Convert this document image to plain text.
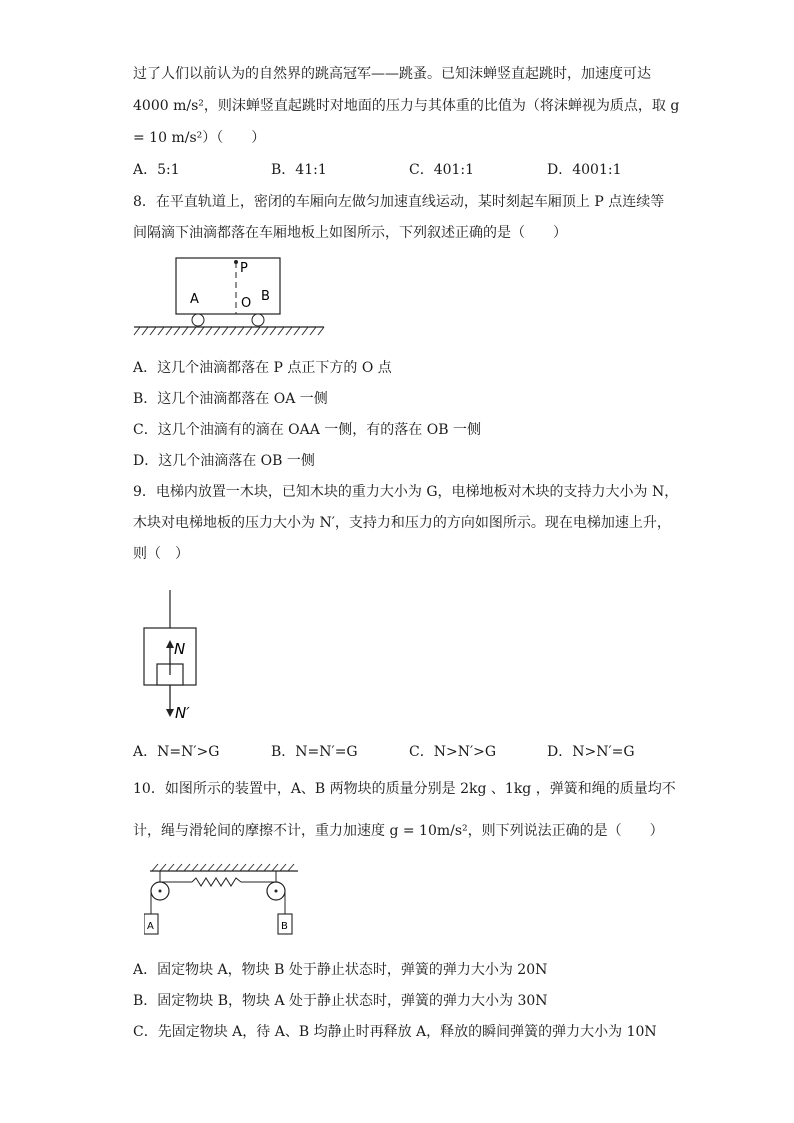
过了人们以前认为的自然界的跳高冠军——跳蚤。已知沫蝉竖直起跳时，加速度可达
4000 m/s²，则沫蝉竖直起跳时对地面的压力与其体重的比值为（将沫蝉视为质点，取 g
= 10 m/s²）（　　）
A．5:1	B．41:1	C．401:1	D．4001:1
8．在平直轨道上，密闭的车厢向左做匀加速直线运动，某时刻起车厢顶上 P 点连续等
间隔滴下油滴都落在车厢地板上如图所示，下列叙述正确的是（　　）
P
A	O B
A．这几个油滴都落在 P 点正下方的 O 点
B．这几个油滴都落在 OA 一侧
C．这几个油滴有的滴在 OAA 一侧，有的落在 OB 一侧
D．这几个油滴落在 OB 一侧
9．电梯内放置一木块，已知木块的重力大小为 G，电梯地板对木块的支持力大小为 N，
木块对电梯地板的压力大小为 N′，支持力和压力的方向如图所示。现在电梯加速上升，
则（　）
N
N′
A．N=N′>G	B．N=N′=G	C．N>N′>G	D．N>N′=G
10．如图所示的装置中，A、B 两物块的质量分别是 2kg 、1kg ，弹簧和绳的质量均不
计，绳与滑轮间的摩擦不计，重力加速度 g = 10m/s²，则下列说法正确的是（　　）
A	B
A．固定物块 A，物块 B 处于静止状态时，弹簧的弹力大小为 20N
B．固定物块 B，物块 A 处于静止状态时，弹簧的弹力大小为 30N
C．先固定物块 A，待 A、B 均静止时再释放 A，释放的瞬间弹簧的弹力大小为 10N
